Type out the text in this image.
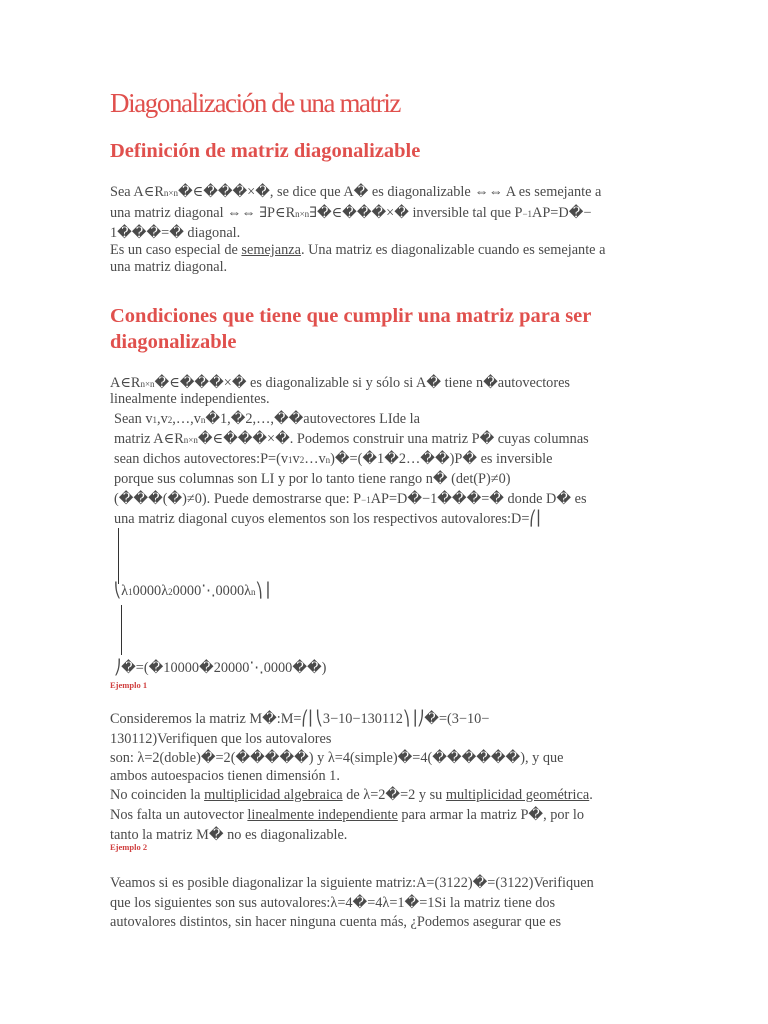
Diagonalización de una matriz
Definición de matriz diagonalizable
Sea A∈Rn×n�∈���×�, se dice que A� es diagonalizable ⇔⇔ A es semejante a
una matriz diagonal ⇔⇔ ∃P∈Rn×n∃�∈���×� inversible tal que P−1AP=D�−
1���=� diagonal.
Es un caso especial de semejanza. Una matriz es diagonalizable cuando es semejante a
una matriz diagonal.
Condiciones que tiene que cumplir una matriz para ser
diagonalizable
A∈Rn×n�∈���×� es diagonalizable si y sólo si A� tiene n�autovectores
linealmente independientes.
Sean v1,v2,…,vn�1,�2,…,��autovectores LIde la
matriz A∈Rn×n�∈���×�. Podemos construir una matriz P� cuyas columnas
sean dichos autovectores:P=(v1v2…vn)�=(�1�2…��)P� es inversible
porque sus columnas son LI y por lo tanto tiene rango n� (det(P)≠0)
(���(�)≠0). Puede demostrarse que: P−1AP=D�−1���=� donde D� es
una matriz diagonal cuyos elementos son los respectivos autovalores:D=⎛⎜
⎝λ10000λ20000⋱0000λn⎞⎟
⎠�=(�10000�20000⋱0000��)
Ejemplo 1
Consideremos la matriz M�:M=⎛⎜⎝3−10−130112⎞⎟⎠�=(3−10−
130112)Verifiquen que los autovalores
son: λ=2(doble)�=2(�����) y λ=4(simple)�=4(������), y que
ambos autoespacios tienen dimensión 1.
No coinciden la multiplicidad algebraica de λ=2�=2 y su multiplicidad geométrica.
Nos falta un autovector linealmente independiente para armar la matriz P�, por lo
tanto la matriz M� no es diagonalizable.
Ejemplo 2
Veamos si es posible diagonalizar la siguiente matriz:A=(3122)�=(3122)Verifiquen
que los siguientes son sus autovalores:λ=4�=4λ=1�=1Si la matriz tiene dos
autovalores distintos, sin hacer ninguna cuenta más, ¿Podemos asegurar que es
